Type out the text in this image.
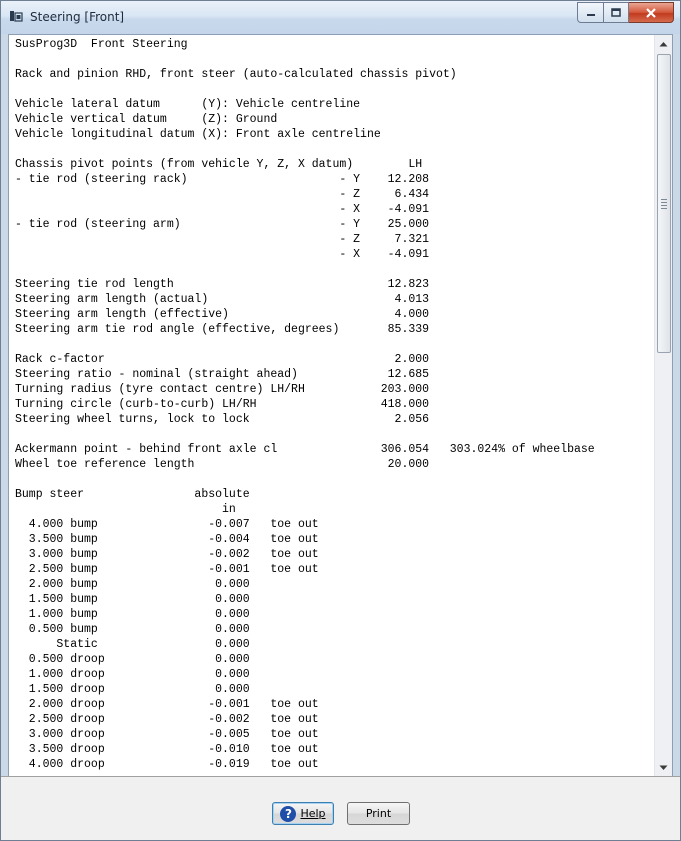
Steering [Front]
SusProg3D  Front Steering

Rack and pinion RHD, front steer (auto-calculated chassis pivot)

Vehicle lateral datum      (Y): Vehicle centreline
Vehicle vertical datum     (Z): Ground
Vehicle longitudinal datum (X): Front axle centreline

Chassis pivot points (from vehicle Y, Z, X datum)        LH
- tie rod (steering rack)                      - Y    12.208
- Z     6.434
- X    -4.091
- tie rod (steering arm)                       - Y    25.000
- Z     7.321
- X    -4.091

Steering tie rod length                               12.823
Steering arm length (actual)                           4.013
Steering arm length (effective)                        4.000
Steering arm tie rod angle (effective, degrees)       85.339

Rack c-factor                                          2.000
Steering ratio - nominal (straight ahead)             12.685
Turning radius (tyre contact centre) LH/RH           203.000
Turning circle (curb-to-curb) LH/RH                  418.000
Steering wheel turns, lock to lock                     2.056

Ackermann point - behind front axle cl               306.054   303.024% of wheelbase
Wheel toe reference length                            20.000

Bump steer                absolute
in
4.000 bump                -0.007   toe out
3.500 bump                -0.004   toe out
3.000 bump                -0.002   toe out
2.500 bump                -0.001   toe out
2.000 bump                 0.000
1.500 bump                 0.000
1.000 bump                 0.000
0.500 bump                 0.000
Static                 0.000
0.500 droop                0.000
1.000 droop                0.000
1.500 droop                0.000
2.000 droop               -0.001   toe out
2.500 droop               -0.002   toe out
3.000 droop               -0.005   toe out
3.500 droop               -0.010   toe out
4.000 droop               -0.019   toe out

? Help	Print
